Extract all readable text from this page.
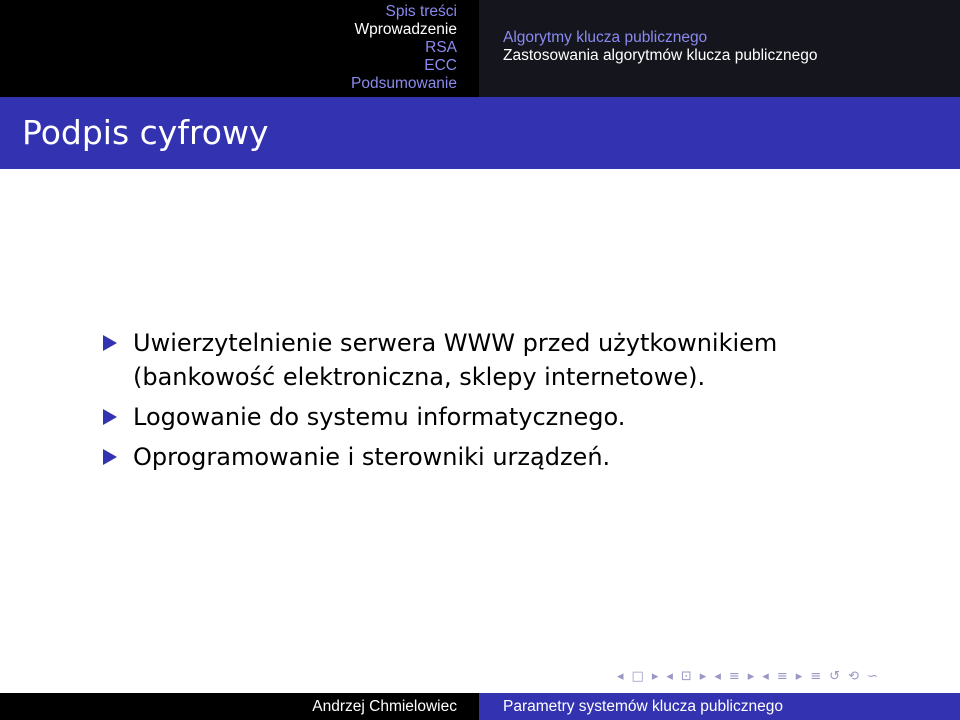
Spis treści
Wprowadzenie
RSA
ECC
Podsumowanie
Algorytmy klucza publicznego
Zastosowania algorytmów klucza publicznego
Podpis cyfrowy
Uwierzytelnienie serwera WWW przed użytkownikiem (bankowość elektroniczna, sklepy internetowe).
Logowanie do systemu informatycznego.
Oprogramowanie i sterowniki urządzeń.
◂ □ ▸ ◂ ⊡ ▸ ◂ ≡ ▸ ◂ ≡ ▸ ≡ ↺ ⟲ ∽
Andrzej Chmielowiec	Parametry systemów klucza publicznego
